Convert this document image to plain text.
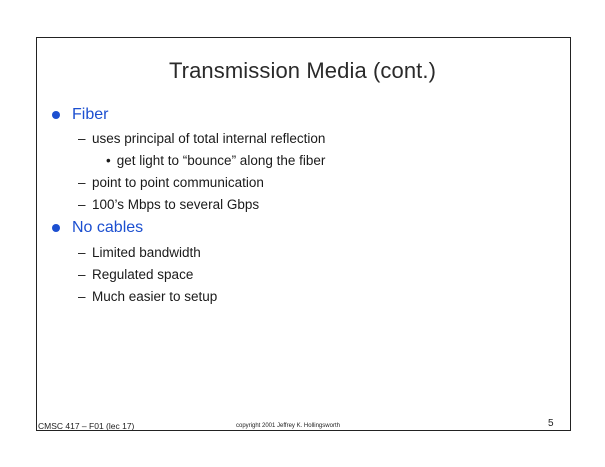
Transmission Media (cont.)
Fiber
– uses principal of total internal reflection
• get light to “bounce” along the fiber
– point to point communication
– 100’s Mbps to several Gbps
No cables
– Limited bandwidth
– Regulated space
– Much easier to setup
CMSC 417 – F01 (lec 17)	copyright 2001 Jeffrey K. Hollingsworth	5
